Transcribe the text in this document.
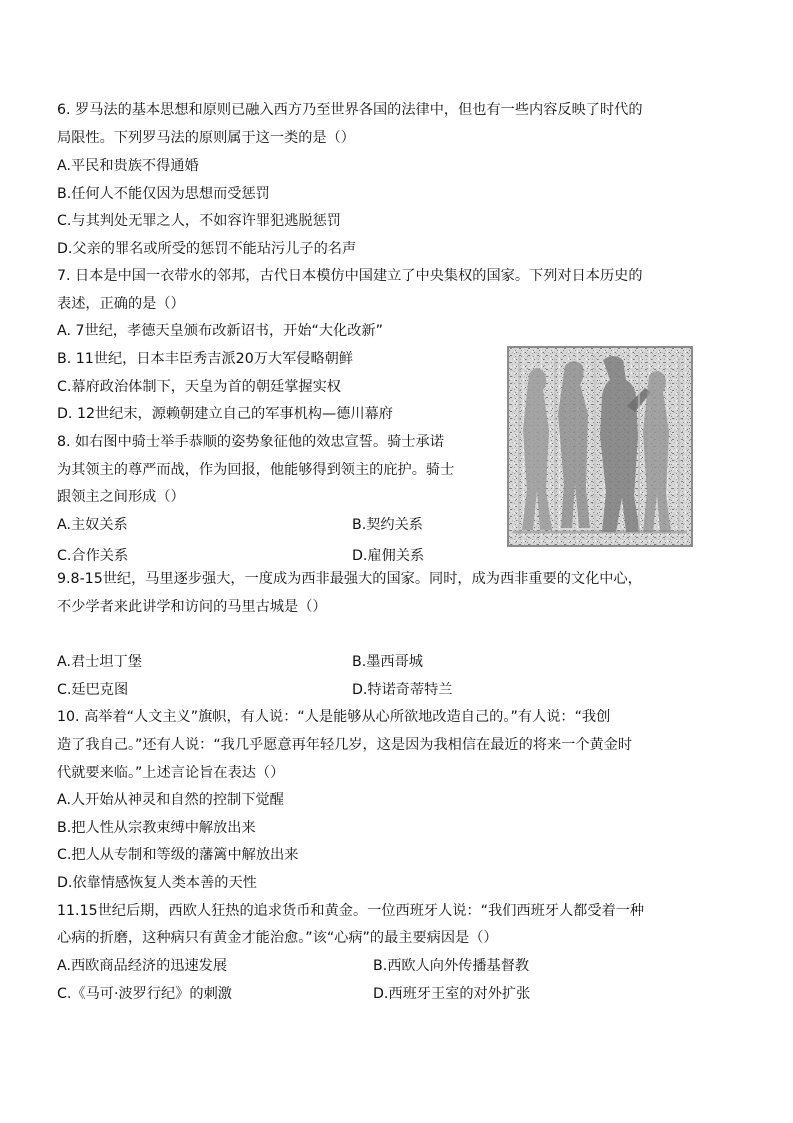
6. 罗马法的基本思想和原则已融入西方乃至世界各国的法律中，但也有一些内容反映了时代的
局限性。下列罗马法的原则属于这一类的是（）
A.平民和贵族不得通婚
B.任何人不能仅因为思想而受惩罚
C.与其判处无罪之人，不如容许罪犯逃脱惩罚
D.父亲的罪名或所受的惩罚不能玷污儿子的名声
7. 日本是中国一衣带水的邻邦，古代日本模仿中国建立了中央集权的国家。下列对日本历史的
表述，正确的是（）
A. 7世纪，孝德天皇颁布改新诏书，开始“大化改新”
B. 11世纪，日本丰臣秀吉派20万大军侵略朝鲜
C.幕府政治体制下，天皇为首的朝廷掌握实权
D. 12世纪末，源赖朝建立自己的军事机构—德川幕府
8. 如右图中骑士举手恭顺的姿势象征他的效忠宣誓。骑士承诺
为其领主的尊严而战，作为回报，他能够得到领主的庇护。骑士
跟领主之间形成（）
A.主奴关系	B.契约关系
C.合作关系	D.雇佣关系
9.8-15世纪，马里逐步强大，一度成为西非最强大的国家。同时，成为西非重要的文化中心，
不少学者来此讲学和访问的马里古城是（）
A.君士坦丁堡	B.墨西哥城
C.廷巴克图	D.特诺奇蒂特兰
10. 高举着“人文主义”旗帜，有人说：“人是能够从心所欲地改造自己的。”有人说：“我创
造了我自己。”还有人说：“我几乎愿意再年轻几岁，这是因为我相信在最近的将来一个黄金时
代就要来临。”上述言论旨在表达（）
A.人开始从神灵和自然的控制下觉醒
B.把人性从宗教束缚中解放出来
C.把人从专制和等级的藩篱中解放出来
D.依靠情感恢复人类本善的天性
11.15世纪后期，西欧人狂热的追求货币和黄金。一位西班牙人说：“我们西班牙人都受着一种
心病的折磨，这种病只有黄金才能治愈。”该“心病”的最主要病因是（）
A.西欧商品经济的迅速发展	B.西欧人向外传播基督教
C.《马可·波罗行纪》的刺激	D.西班牙王室的对外扩张
